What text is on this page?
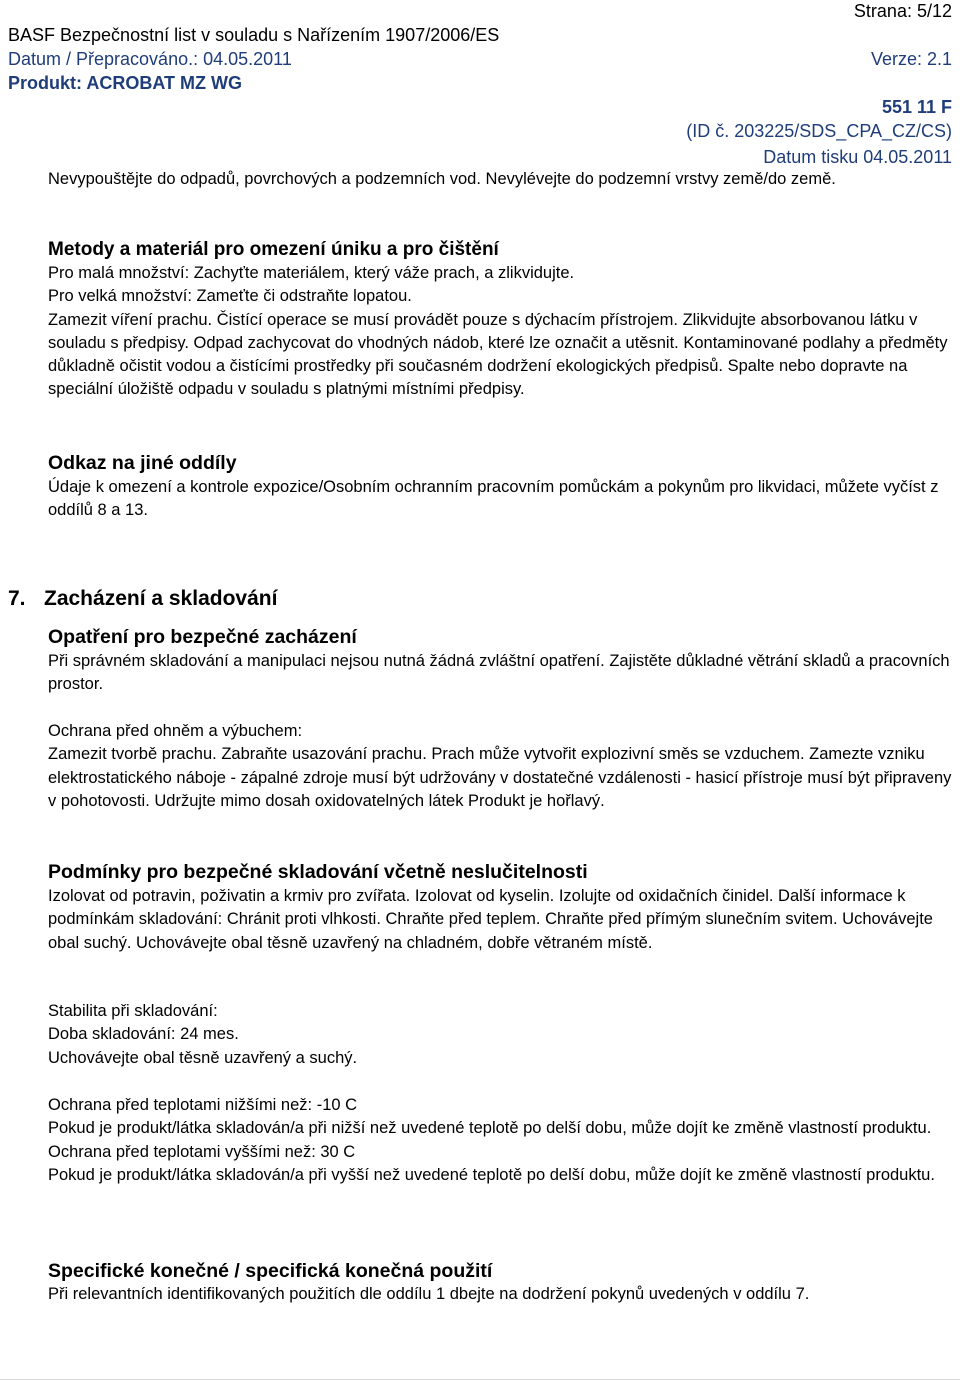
Strana: 5/12
BASF Bezpečnostní list v souladu s Nařízením 1907/2006/ES
Datum / Přepracováno.: 04.05.2011	Verze: 2.1
Produkt: ACROBAT MZ WG
551 11 F
(ID č. 203225/SDS_CPA_CZ/CS)
Datum tisku 04.05.2011

Nevypouštějte do odpadů, povrchových a podzemních vod. Nevylévejte do podzemní vrstvy země/do země.

Metody a materiál pro omezení úniku a pro čištění

Pro malá množství: Zachyťte materiálem, který váže prach, a zlikvidujte.

Pro velká množství: Zameťte či odstraňte lopatou.

Zamezit víření prachu. Čistící operace se musí provádět pouze s dýchacím přístrojem. Zlikvidujte absorbovanou látku v souladu s předpisy. Odpad zachycovat do vhodných nádob, které lze označit a utěsnit. Kontaminované podlahy a předměty důkladně očistit vodou a čistícími prostředky při současném dodržení ekologických předpisů. Spalte nebo dopravte na speciální úložiště odpadu v souladu s platnými místními předpisy.

Odkaz na jiné oddíly
Údaje k omezení a kontrole expozice/Osobním ochranním pracovním pomůckám a pokynům pro likvidaci, můžete vyčíst z oddílů 8 a 13.
7. Zacházení a skladování
Opatření pro bezpečné zacházení
Při správném skladování a manipulaci nejsou nutná žádná zvláštní opatření. Zajistěte důkladné větrání skladů a pracovních prostor.

Ochrana před ohněm a výbuchem:

Zamezit tvorbě prachu. Zabraňte usazování prachu. Prach může vytvořit explozivní směs se vzduchem. Zamezte vzniku elektrostatického náboje - zápalné zdroje musí být udržovány v dostatečné vzdálenosti - hasicí přístroje musí být připraveny v pohotovosti. Udržujte mimo dosah oxidovatelných látek Produkt je hořlavý.

Podmínky pro bezpečné skladování včetně neslučitelnosti
Izolovat od potravin, poživatin a krmiv pro zvířata. Izolovat od kyselin. Izolujte od oxidačních činidel. Další informace k podmínkám skladování: Chránit proti vlhkosti. Chraňte před teplem. Chraňte před přímým slunečním svitem. Uchovávejte obal suchý. Uchovávejte obal těsně uzavřený na chladném, dobře větraném místě.

Stabilita při skladování:

Doba skladování: 24 mes.

Uchovávejte obal těsně uzavřený a suchý.

Ochrana před teplotami nižšími než: -10 C

Pokud je produkt/látka skladován/a při nižší než uvedené teplotě po delší dobu, může dojít ke změně vlastností produktu.

Ochrana před teplotami vyššími než: 30 C

Pokud je produkt/látka skladován/a při vyšší než uvedené teplotě po delší dobu, může dojít ke změně vlastností produktu.

Specifické konečné / specifická konečná použití
Při relevantních identifikovaných použitích dle oddílu 1 dbejte na dodržení pokynů uvedených v oddílu 7.
